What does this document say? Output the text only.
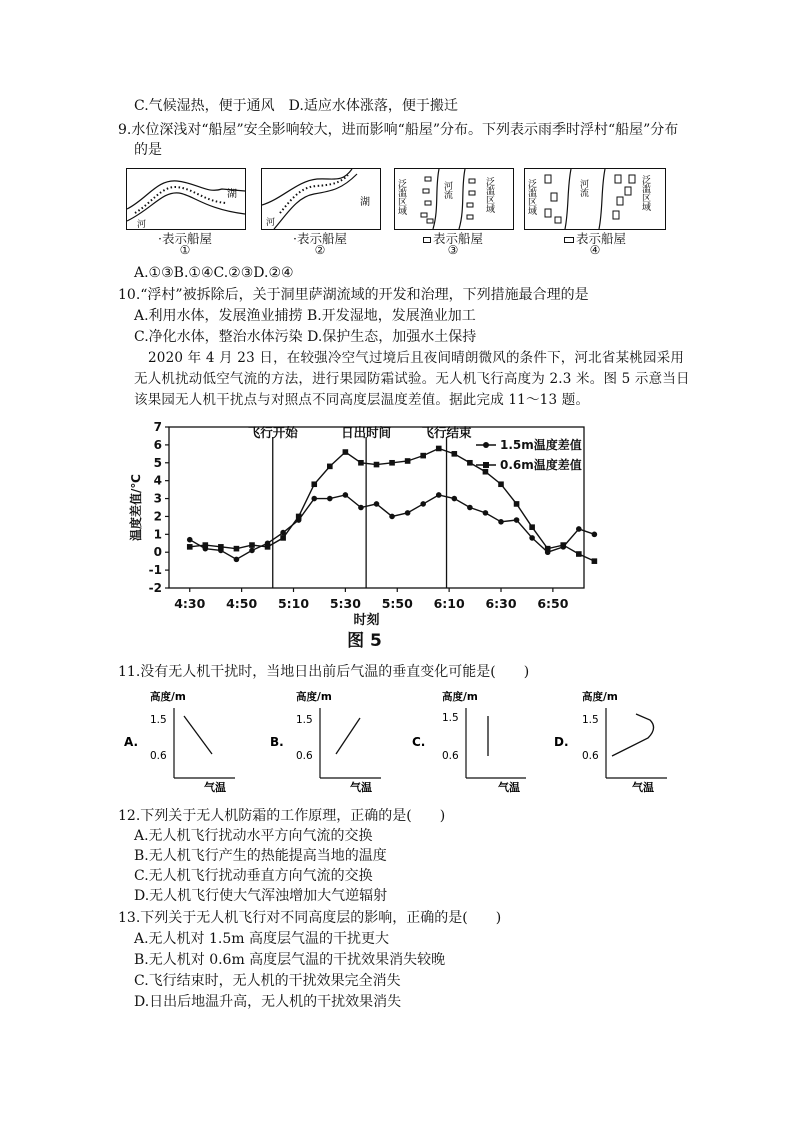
C.气候湿热，便于通风　D.适应水体涨落，便于搬迁
9.水位深浅对“船屋”安全影响较大，进而影响“船屋”分布。下列表示雨季时浮村“船屋”分布
的是
湖
河
·表示船屋
①
湖
河
·表示船屋
②
河流
泛滥区域	泛滥区域
表示船屋
③
河流
泛滥区域	泛滥区域
表示船屋
④
A.①③B.①④C.②③D.②④
10.“浮村”被拆除后，关于洞里萨湖流域的开发和治理，下列措施最合理的是
A.利用水体，发展渔业捕捞 B.开发湿地，发展渔业加工
C.净化水体，整治水体污染 D.保护生态，加强水土保持
2020 年 4 月 23 日，在较强冷空气过境后且夜间晴朗微风的条件下，河北省某桃园采用
无人机扰动低空气流的方法，进行果园防霜试验。无人机飞行高度为 2.3 米。图 5 示意当日
该果园无人机干扰点与对照点不同高度层温度差值。据此完成 11～13 题。
-2
-1
0
1
2
3
4
5
6
7
4:30 4:50 5:10 5:30 5:50 6:10 6:30 6:50
时刻
温度差值/℃
图 5
飞行开始	日出时间 飞行结束
1.5m温度差值
0.6m温度差值
11.没有无人机干扰时，当地日出前后气温的垂直变化可能是(　　)
A.
高度/m
1.5
0.6
气温
B.
高度/m
1.5
0.6
气温
C.
高度/m
1.5
0.6
气温
D.
高度/m
1.5
0.6
气温
12.下列关于无人机防霜的工作原理，正确的是(　　)
A.无人机飞行扰动水平方向气流的交换
B.无人机飞行产生的热能提高当地的温度
C.无人机飞行扰动垂直方向气流的交换
D.无人机飞行使大气浑浊增加大气逆辐射
13.下列关于无人机飞行对不同高度层的影响，正确的是(　　)
A.无人机对 1.5m 高度层气温的干扰更大
B.无人机对 0.6m 高度层气温的干扰效果消失较晚
C.飞行结束时，无人机的干扰效果完全消失
D.日出后地温升高，无人机的干扰效果消失
